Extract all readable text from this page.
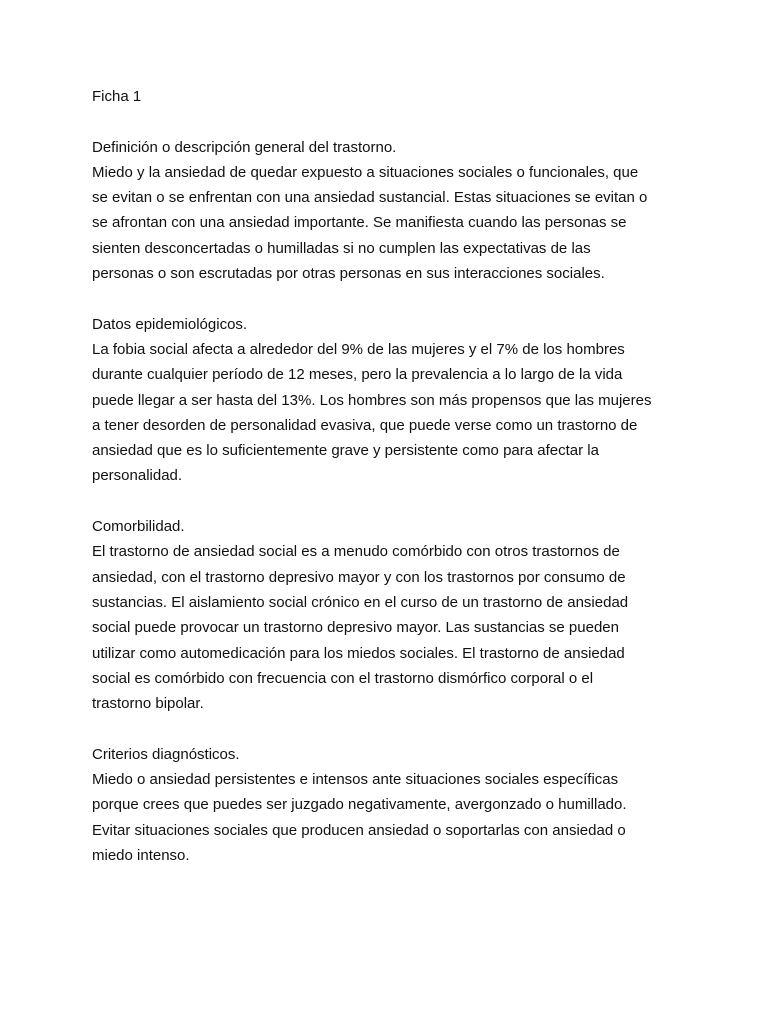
Ficha 1
Definición o descripción general del trastorno.
Miedo y la ansiedad de quedar expuesto a situaciones sociales o funcionales, que
se evitan o se enfrentan con una ansiedad sustancial. Estas situaciones se evitan o
se afrontan con una ansiedad importante. Se manifiesta cuando las personas se
sienten desconcertadas o humilladas si no cumplen las expectativas de las
personas o son escrutadas por otras personas en sus interacciones sociales.
Datos epidemiológicos.
La fobia social afecta a alrededor del 9% de las mujeres y el 7% de los hombres
durante cualquier período de 12 meses, pero la prevalencia a lo largo de la vida
puede llegar a ser hasta del 13%. Los hombres son más propensos que las mujeres
a tener desorden de personalidad evasiva, que puede verse como un trastorno de
ansiedad que es lo suficientemente grave y persistente como para afectar la
personalidad.
Comorbilidad.
El trastorno de ansiedad social es a menudo comórbido con otros trastornos de
ansiedad, con el trastorno depresivo mayor y con los trastornos por consumo de
sustancias. El aislamiento social crónico en el curso de un trastorno de ansiedad
social puede provocar un trastorno depresivo mayor. Las sustancias se pueden
utilizar como automedicación para los miedos sociales. El trastorno de ansiedad
social es comórbido con frecuencia con el trastorno dismórfico corporal o el
trastorno bipolar.
Criterios diagnósticos.
Miedo o ansiedad persistentes e intensos ante situaciones sociales específicas
porque crees que puedes ser juzgado negativamente, avergonzado o humillado.
Evitar situaciones sociales que producen ansiedad o soportarlas con ansiedad o
miedo intenso.
